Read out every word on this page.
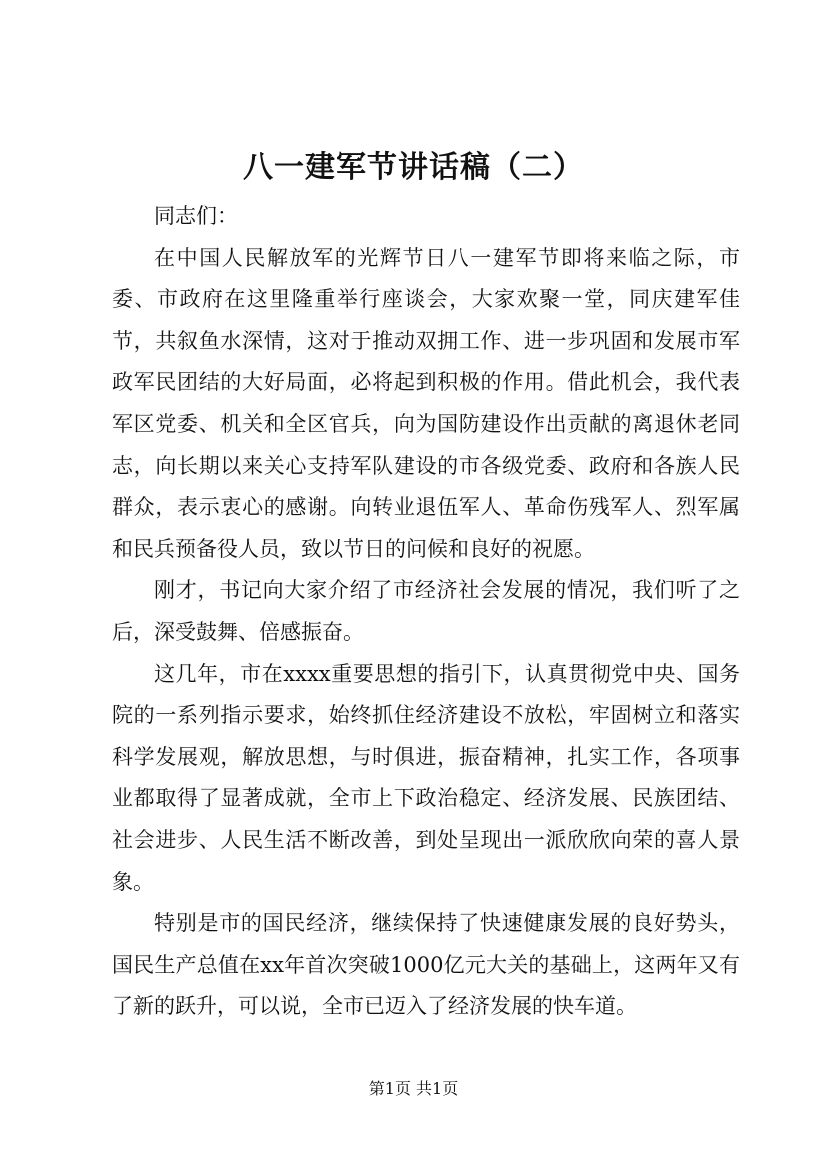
八一建军节讲话稿（二）

同志们：

在中国人民解放军的光辉节日八一建军节即将来临之际，市委、市政府在这里隆重举行座谈会，大家欢聚一堂，同庆建军佳节，共叙鱼水深情，这对于推动双拥工作、进一步巩固和发展市军政军民团结的大好局面，必将起到积极的作用。借此机会，我代表军区党委、机关和全区官兵，向为国防建设作出贡献的离退休老同志，向长期以来关心支持军队建设的市各级党委、政府和各族人民群众，表示衷心的感谢。向转业退伍军人、革命伤残军人、烈军属和民兵预备役人员，致以节日的问候和良好的祝愿。

刚才，书记向大家介绍了市经济社会发展的情况，我们听了之后，深受鼓舞、倍感振奋。

这几年，市在xxxx重要思想的指引下，认真贯彻党中央、国务院的一系列指示要求，始终抓住经济建设不放松，牢固树立和落实科学发展观，解放思想，与时俱进，振奋精神，扎实工作，各项事业都取得了显著成就，全市上下政治稳定、经济发展、民族团结、社会进步、人民生活不断改善，到处呈现出一派欣欣向荣的喜人景象。

特别是市的国民经济，继续保持了快速健康发展的良好势头，国民生产总值在xx年首次突破1000亿元大关的基础上，这两年又有了新的跃升，可以说，全市已迈入了经济发展的快车道。

第1页 共1页
